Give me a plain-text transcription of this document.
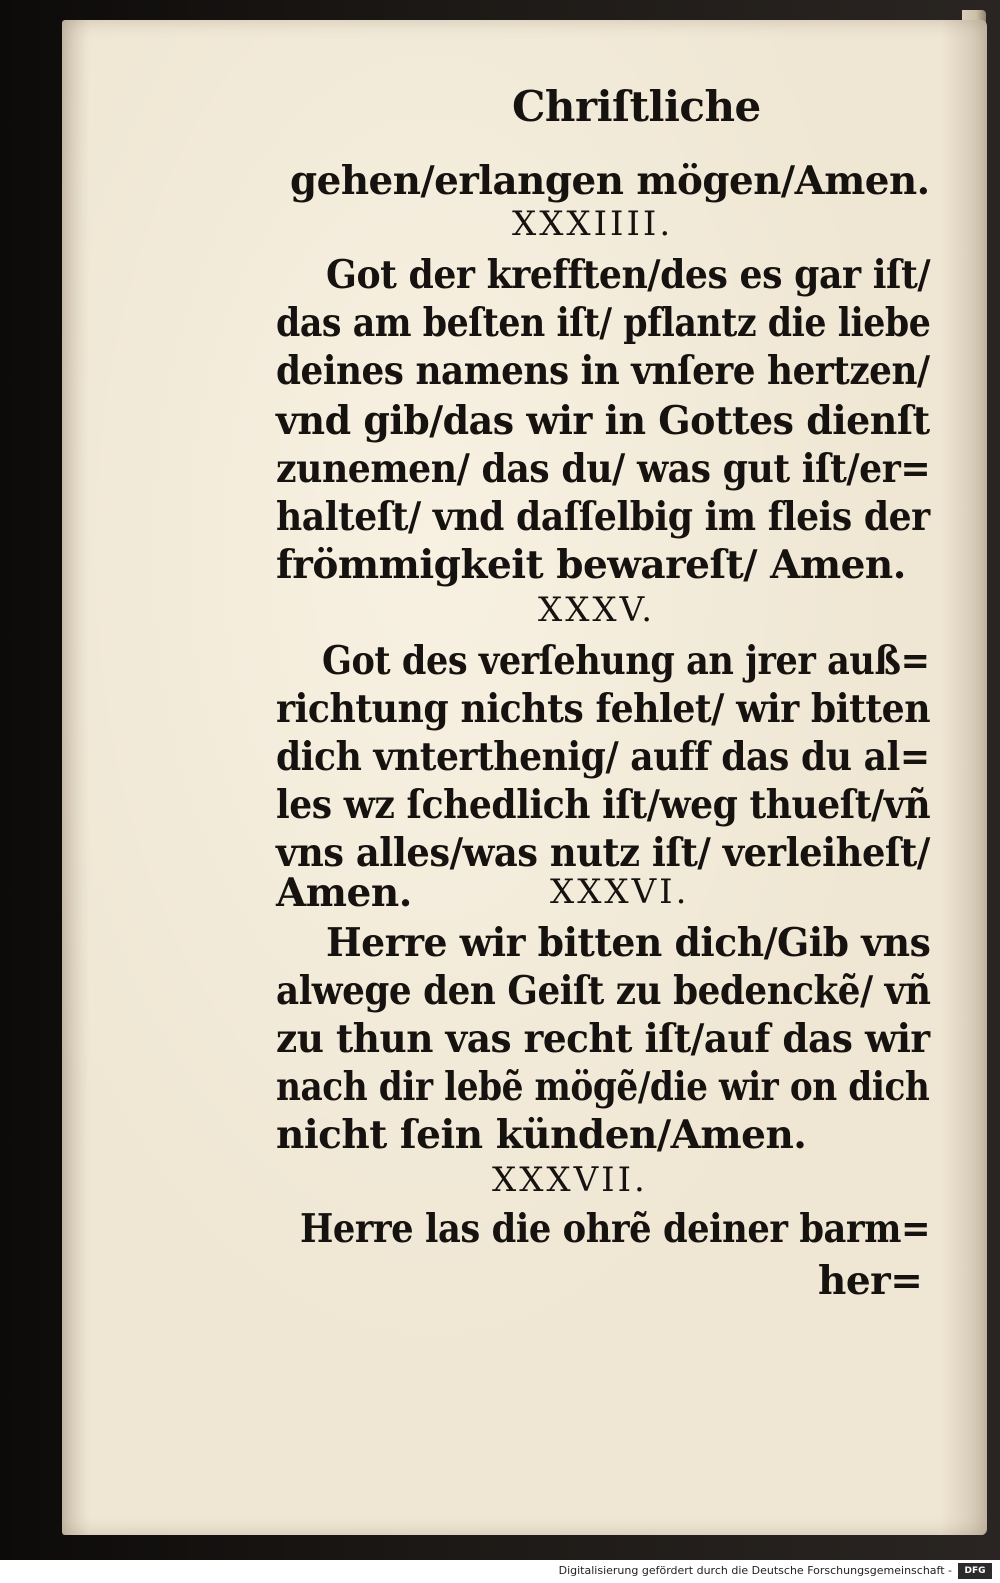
Chriſtliche
gehen/erlangen mögen/Amen.
XXXIIII.
Got der krefften/des es gar iſt/
das am beſten iſt/ pflantz die liebe
deines namens in vnſere hertzen/
vnd gib/das wir in Gottes dienſt
zunemen/ das du/ was gut iſt/er=
halteſt/ vnd daſſelbig im fleis der
frömmigkeit bewareſt/ Amen.
XXXV.
Got des verſehung an jrer auß=
richtung nichts fehlet/ wir bitten
dich vnterthenig/ auff das du al=
les wz ſchedlich iſt/weg thueſt/vñ
vns alles/was nutz iſt/ verleiheſt/
Amen.	XXXVI.
Herre wir bitten dich/Gib vns
alwege den Geiſt zu bedenckẽ/ vñ
zu thun vas recht iſt/auf das wir
nach dir lebẽ mögẽ/die wir on dich
nicht ſein künden/Amen.
XXXVII.
Herre las die ohrẽ deiner barm=
her=
Digitalisierung gefördert durch die Deutsche Forschungsgemeinschaft -	DFG
